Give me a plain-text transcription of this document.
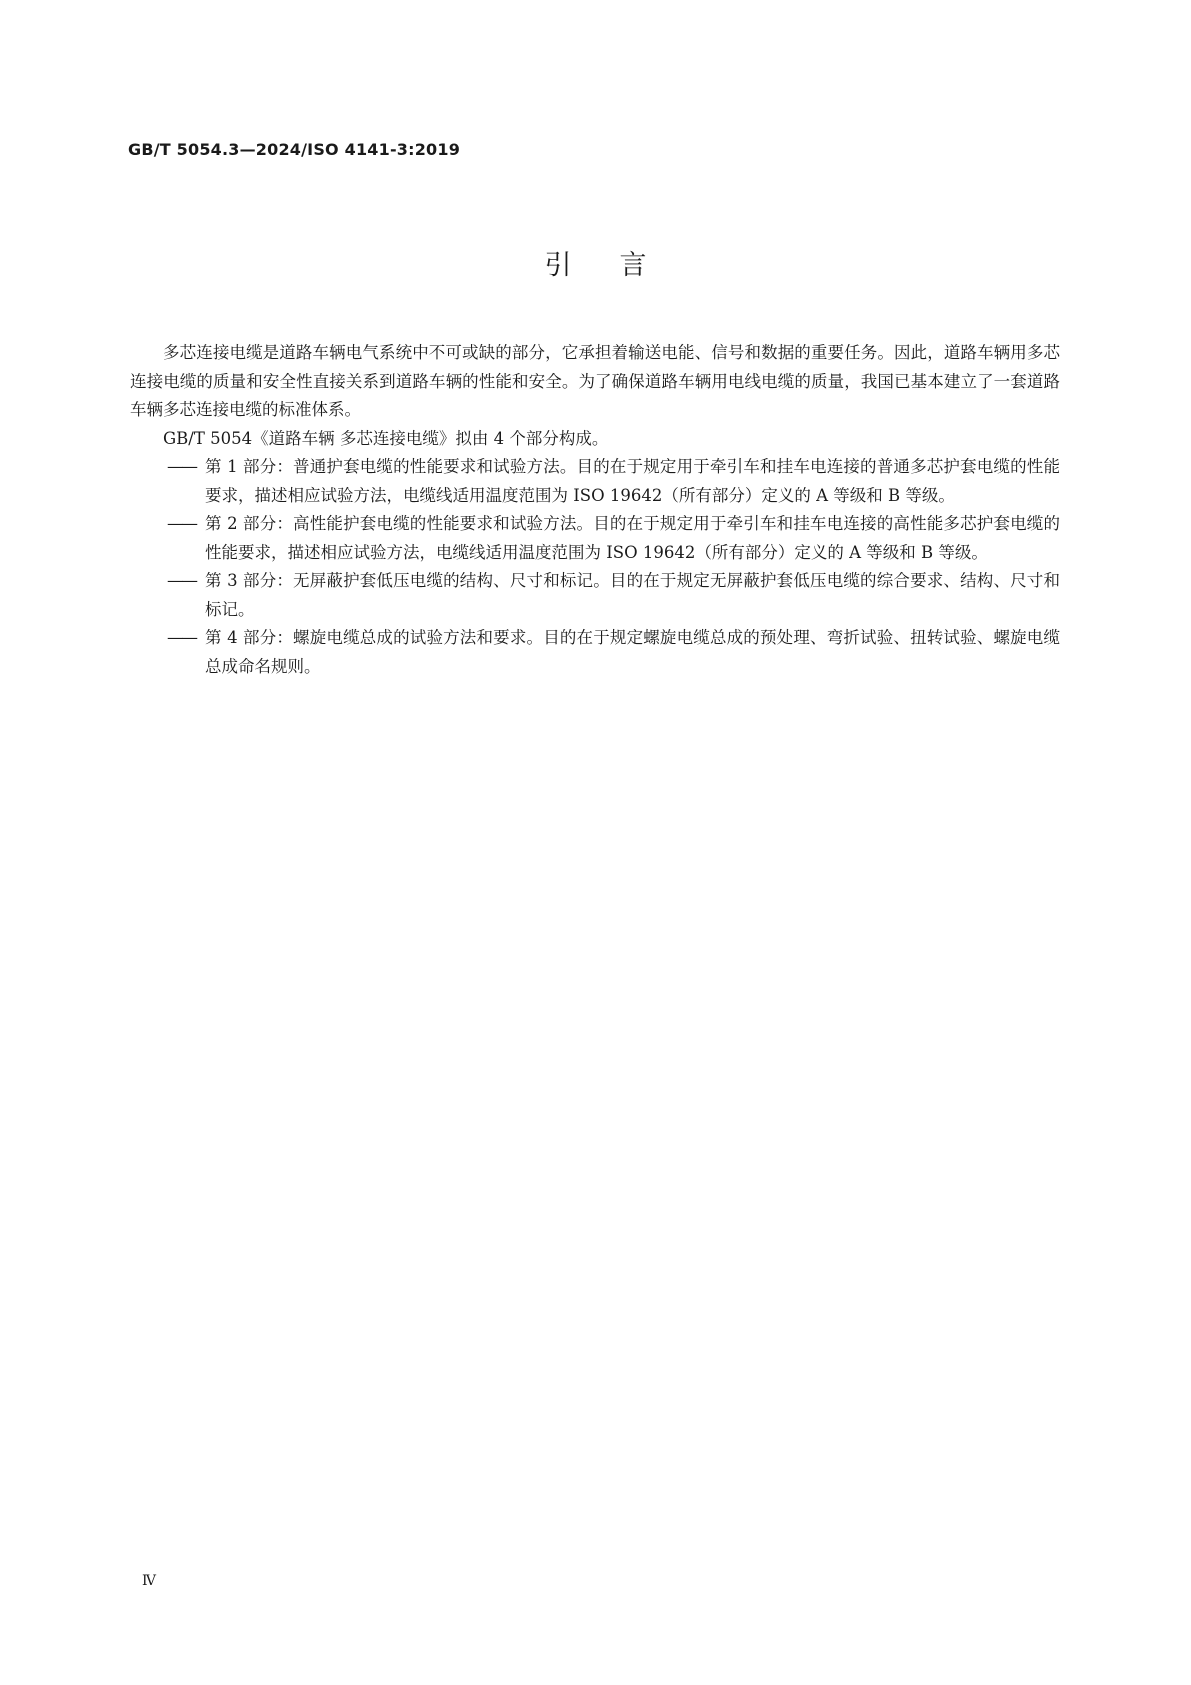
GB/T 5054.3—2024/ISO 4141-3:2019
引言

多芯连接电缆是道路车辆电气系统中不可或缺的部分，它承担着输送电能、信号和数据的重要任务。因此，道路车辆用多芯连接电缆的质量和安全性直接关系到道路车辆的性能和安全。为了确保道路车辆用电线电缆的质量，我国已基本建立了一套道路车辆多芯连接电缆的标准体系。

GB/T 5054《道路车辆 多芯连接电缆》拟由 4 个部分构成。

—— 第 1 部分：普通护套电缆的性能要求和试验方法。目的在于规定用于牵引车和挂车电连接的普通多芯护套电缆的性能要求，描述相应试验方法，电缆线适用温度范围为 ISO 19642（所有部分）定义的 A 等级和 B 等级。
—— 第 2 部分：高性能护套电缆的性能要求和试验方法。目的在于规定用于牵引车和挂车电连接的高性能多芯护套电缆的性能要求，描述相应试验方法，电缆线适用温度范围为 ISO 19642（所有部分）定义的 A 等级和 B 等级。
—— 第 3 部分：无屏蔽护套低压电缆的结构、尺寸和标记。目的在于规定无屏蔽护套低压电缆的综合要求、结构、尺寸和标记。
—— 第 4 部分：螺旋电缆总成的试验方法和要求。目的在于规定螺旋电缆总成的预处理、弯折试验、扭转试验、螺旋电缆总成命名规则。
Ⅳ
